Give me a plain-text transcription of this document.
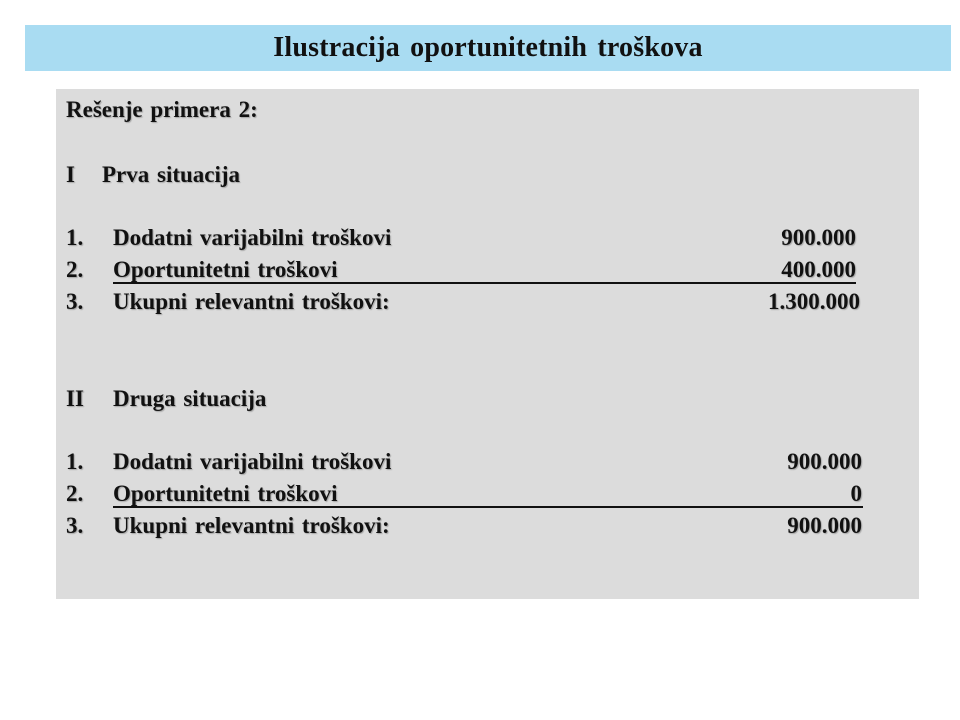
Ilustracija oportunitetnih troškova
Rešenje primera 2:
I Prva situacija
1. Dodatni varijabilni troškovi	900.000
2. Oportunitetni troškovi	400.000
3. Ukupni relevantni troškovi:	1.300.000
II Druga situacija
1. Dodatni varijabilni troškovi	900.000
2. Oportunitetni troškovi	0
3. Ukupni relevantni troškovi:	900.000
